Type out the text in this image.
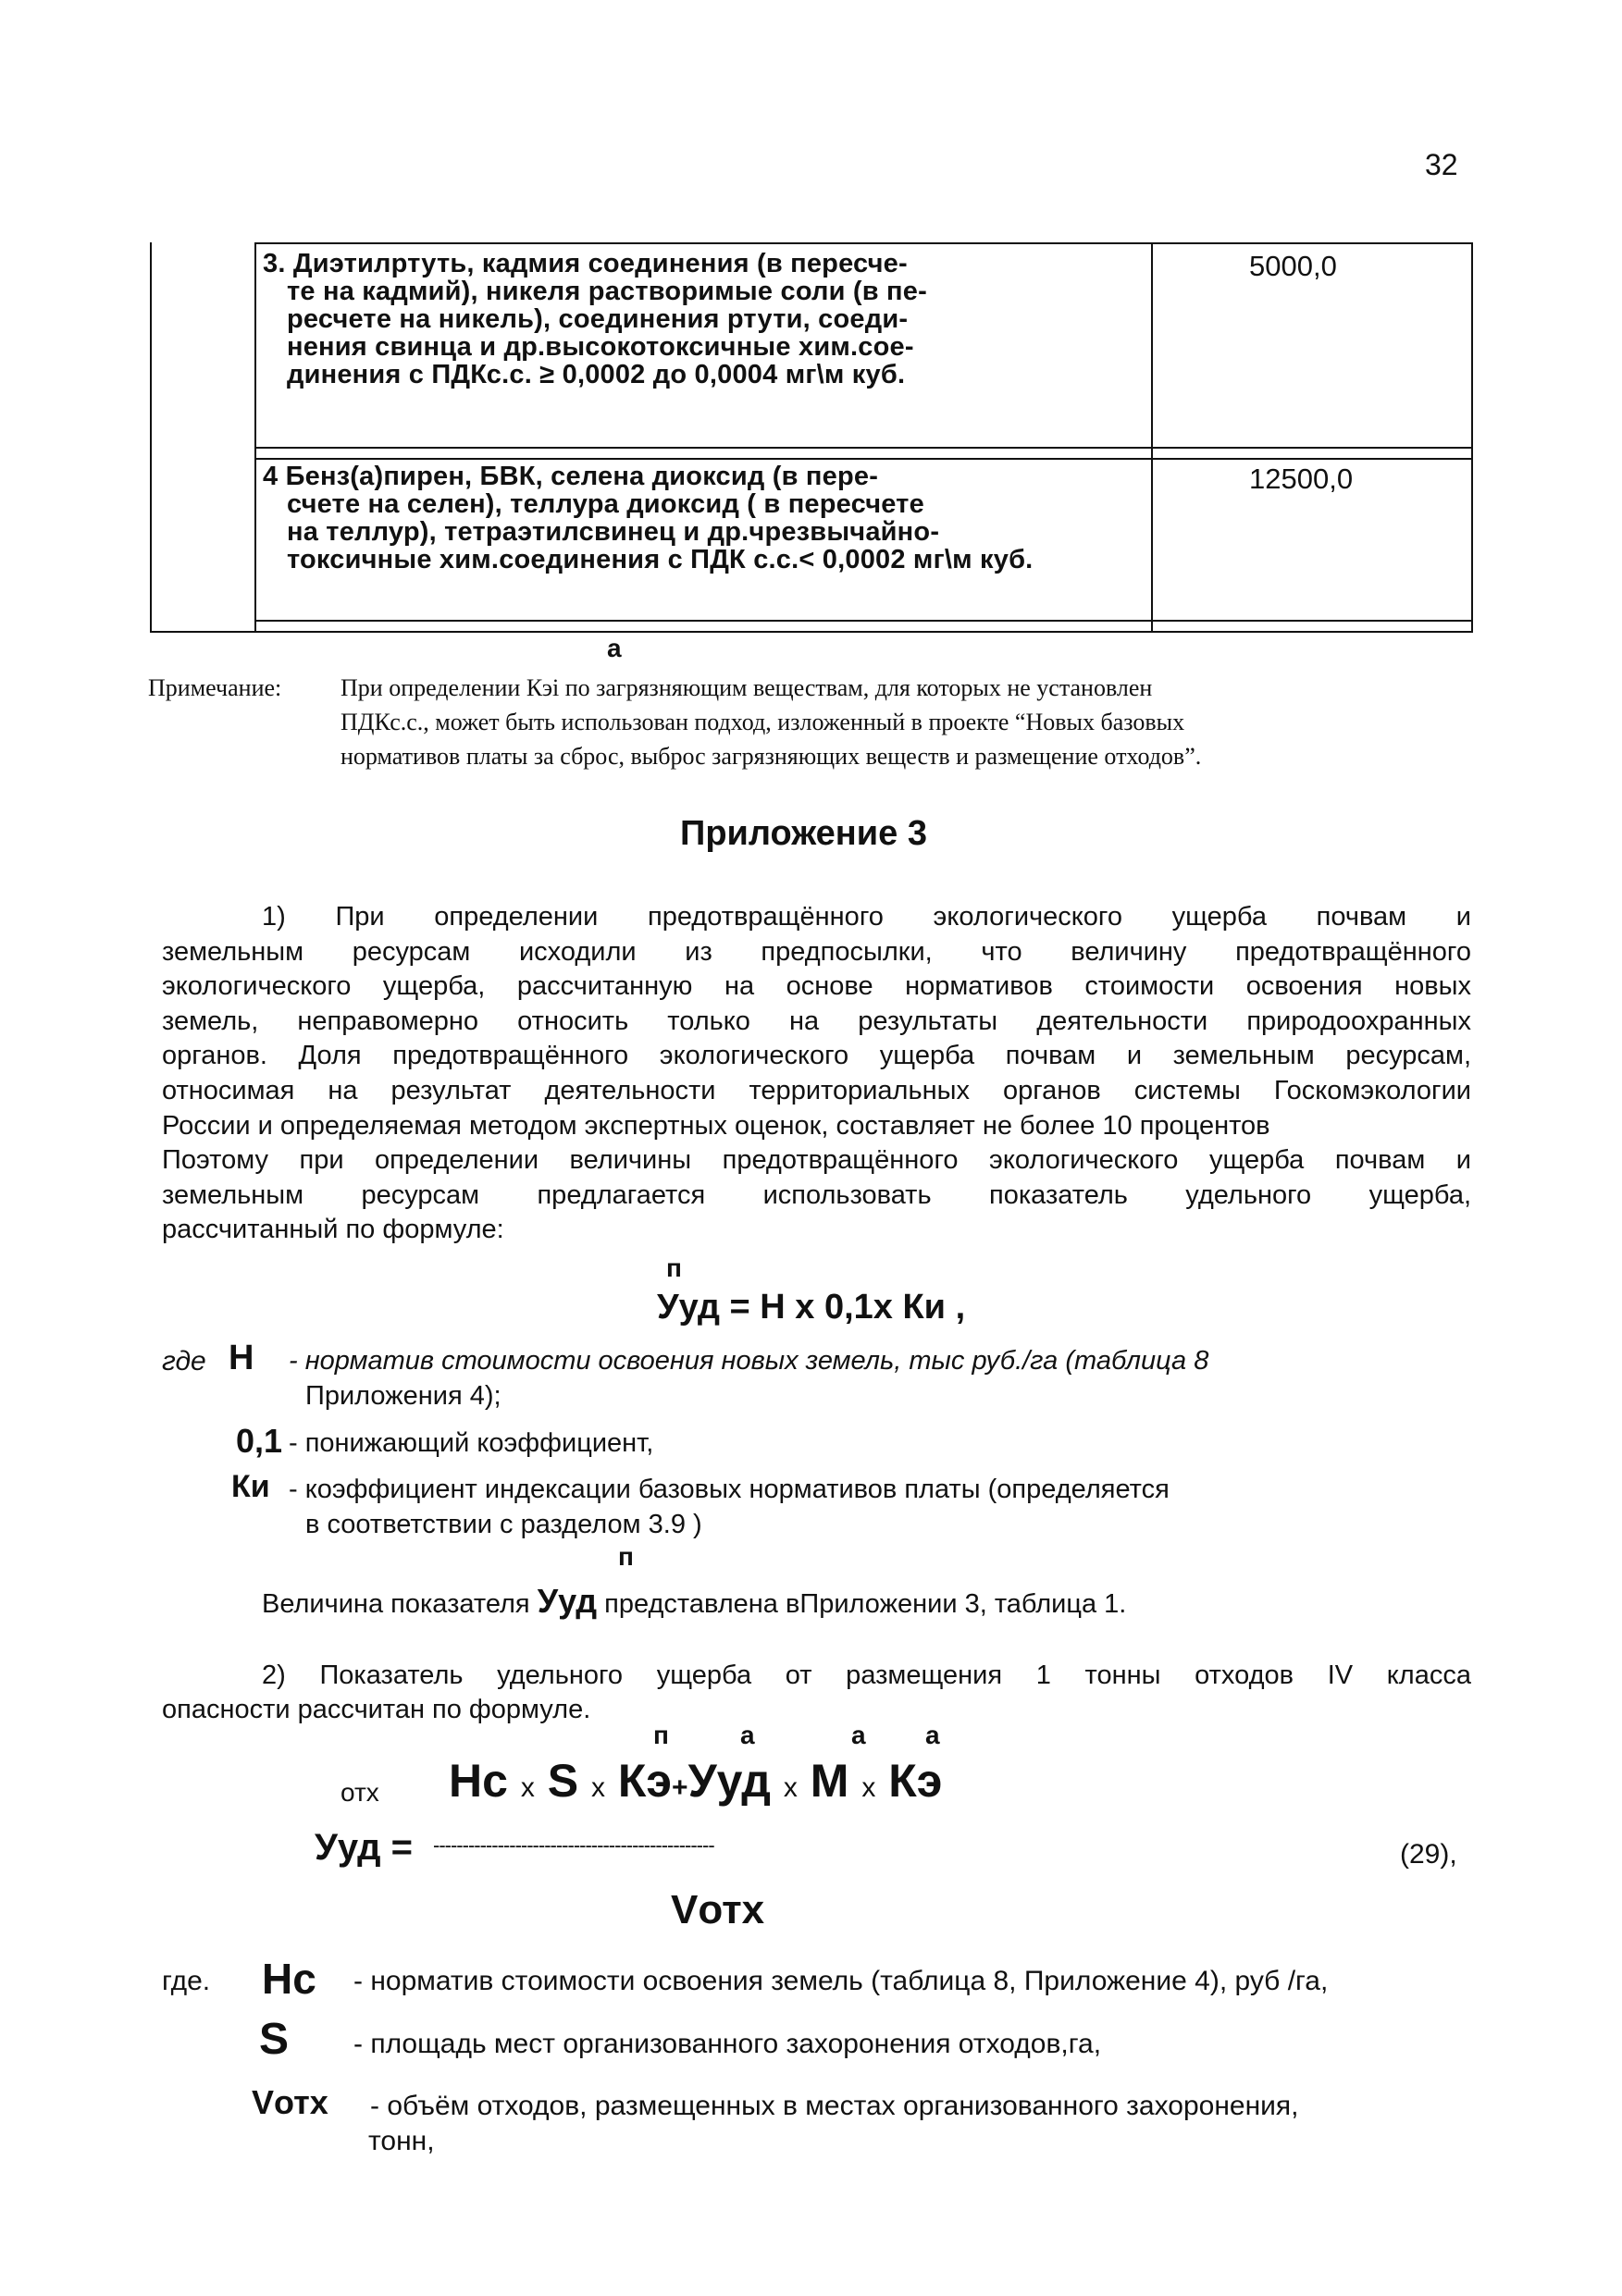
32
3. Диэтилртуть, кадмия соединения (в пересче-
те на кадмий), никеля растворимые соли (в пе-
ресчете на никель), соединения ртути, соеди-
нения свинца и др.высокотоксичные хим.сое-
динения с ПДКс.с. ≥ 0,0002 до 0,0004 мг\м куб.
5000,0
4 Бенз(а)пирен, БВК, селена диоксид (в пере-
счете на селен), теллура диоксид ( в пересчете
на теллур), тетраэтилсвинец и др.чрезвычайно-
токсичные хим.соединения с ПДК с.с.< 0,0002 мг\м куб.
12500,0
а
Примечание: При определении Кэi по загрязняющим веществам, для которых не установлен
ПДКс.с., может быть использован подход, изложенный в проекте “Новых базовых
нормативов платы за сброс, выброс загрязняющих веществ и размещение отходов”.
Приложение 3
1) При определении предотвращённого экологического ущерба почвам и
земельным ресурсам исходили из предпосылки, что величину предотвращённого
экологического ущерба, рассчитанную на основе нормативов стоимости освоения новых
земель, неправомерно относить только на результаты деятельности природоохранных
органов. Доля предотвращённого экологического ущерба почвам и земельным ресурсам,
относимая на результат деятельности территориальных органов системы Госкомэкологии
России и определяемая методом экспертных оценок, составляет не более 10 процентов
Поэтому при определении величины предотвращённого экологического ущерба почвам и
земельным ресурсам предлагается использовать показатель удельного ущерба,
рассчитанный по формуле:
п
Ууд = Н х 0,1х Ки ,
где Н - норматив стоимости освоения новых земель, тыс руб./га (таблица 8
Приложения 4);
0,1 - понижающий коэффициент,
Ки - коэффициент индексации базовых нормативов платы (определяется
в соответствии с разделом 3.9 )
п
Величина показателя Ууд представлена вПриложении 3, таблица 1.
2) Показатель удельного ущерба от размещения 1 тонны отходов IV класса
опасности рассчитан по формуле.
п	а	а а
отх Нс х S х Кэ+Ууд х М х Кэ
Ууд = ------------------------------------------------	(29),
Vотх
где. Нс - норматив стоимости освоения земель (таблица 8, Приложение 4), руб /га,
S - площадь мест организованного захоронения отходов,га,
Vотх - объём отходов, размещенных в местах организованного захоронения,
тонн,
